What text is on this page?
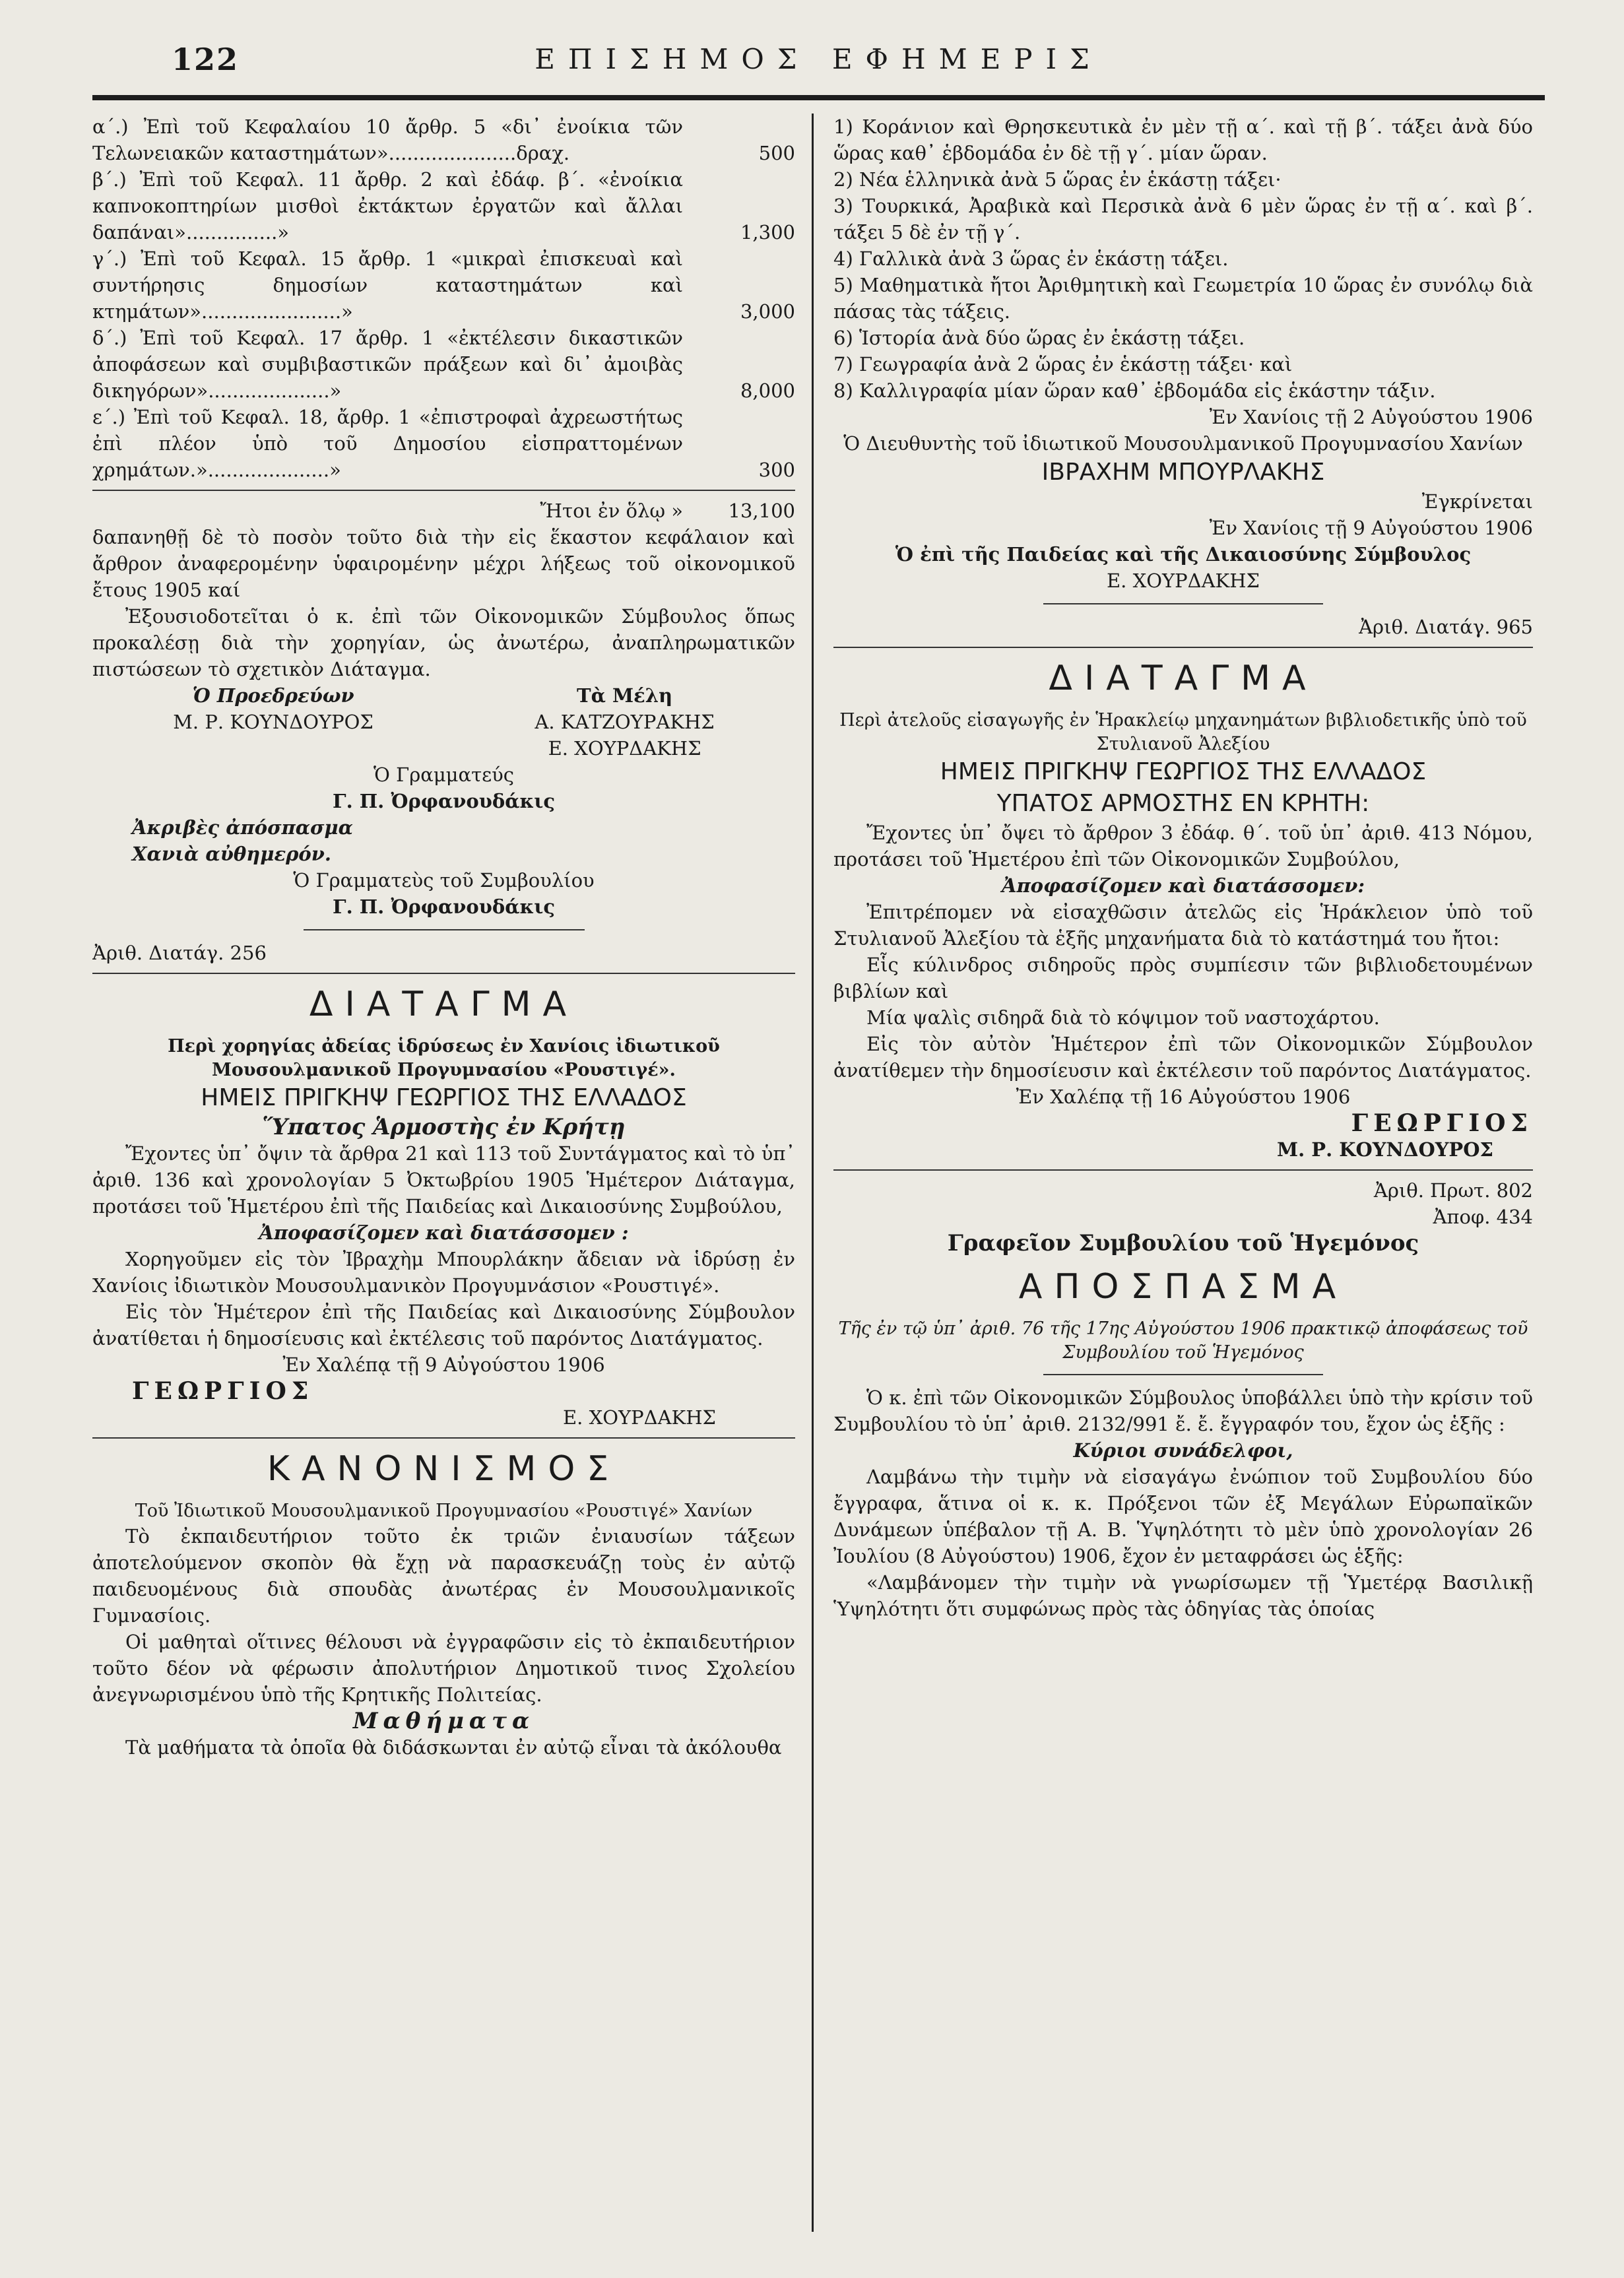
122	ΕΠΙΣΗΜΟΣ ΕΦΗΜΕΡΙΣ
α΄.) Ἐπὶ τοῦ Κεφαλαίου 10 ἄρθρ. 5 «δι᾽ ἐνοίκια τῶν Τελωνειακῶν καταστημάτων».....................δραχ.	500
β΄.) Ἐπὶ τοῦ Κεφαλ. 11 ἄρθρ. 2 καὶ ἐδάφ. β΄. «ἐνοίκια καπνοκοπτηρίων μισθοὶ ἐκτάκτων ἐργατῶν καὶ ἄλλαι δαπάναι»...............»	1,300
γ΄.) Ἐπὶ τοῦ Κεφαλ. 15 ἄρθρ. 1 «μικραὶ ἐπισκευαὶ καὶ συντήρησις δημοσίων καταστημάτων καὶ κτημάτων».......................»	3,000
δ΄.) Ἐπὶ τοῦ Κεφαλ. 17 ἄρθρ. 1 «ἐκτέλεσιν δικαστικῶν ἀποφάσεων καὶ συμβιβαστικῶν πράξεων καὶ δι᾽ ἀμοιβὰς δικηγόρων»....................»	8,000
ε΄.) Ἐπὶ τοῦ Κεφαλ. 18, ἄρθρ. 1 «ἐπιστροφαὶ ἀχρεωστήτως ἐπὶ πλέον ὑπὸ τοῦ Δημοσίου εἰσπραττομένων χρημάτων.»....................»	300
Ἤτοι ἐν ὅλῳ »	13,100

δαπανηθῇ δὲ τὸ ποσὸν τοῦτο διὰ τὴν εἰς ἕκαστον κεφάλαιον καὶ ἄρθρον ἀναφερομένην ὑφαιρομένην μέχρι λήξεως τοῦ οἰκονομικοῦ ἔτους 1905 καί

Ἐξουσιοδοτεῖται ὁ κ. ἐπὶ τῶν Οἰκονομικῶν Σύμβουλος ὅπως προκαλέσῃ διὰ τὴν χορηγίαν, ὡς ἀνωτέρω, ἀναπληρωματικῶν πιστώσεων τὸ σχετικὸν Διάταγμα.

Ὁ Προεδρεύων
Μ. Ρ. ΚΟΥΝΔΟΥΡΟΣ
Τὰ Μέλη
Α. ΚΑΤΖΟΥΡΑΚΗΣ
Ε. ΧΟΥΡΔΑΚΗΣ
Ὁ Γραμματεύς
Γ. Π. Ὀρφανουδάκις
Ἀκριβὲς ἀπόσπασμα
Χανιὰ αὐθημερόν.
Ὁ Γραμματεὺς τοῦ Συμβουλίου
Γ. Π. Ὀρφανουδάκις
Ἀριθ. Διατάγ. 256
ΔΙΑΤΑΓΜΑ
Περὶ χορηγίας ἀδείας ἱδρύσεως ἐν Χανίοις ἰδιωτικοῦ Μουσουλμανικοῦ Προγυμνασίου «Ρουστιγέ».
ΗΜΕΙΣ ΠΡΙΓΚΗΨ ΓΕΩΡΓΙΟΣ ΤΗΣ ΕΛΛΑΔΟΣ
Ὕπατος Ἁρμοστὴς ἐν Κρήτῃ

Ἔχοντες ὑπ᾽ ὄψιν τὰ ἄρθρα 21 καὶ 113 τοῦ Συντάγματος καὶ τὸ ὑπ᾽ ἀριθ. 136 καὶ χρονολογίαν 5 Ὀκτωβρίου 1905 Ἡμέτερον Διάταγμα, προτάσει τοῦ Ἡμετέρου ἐπὶ τῆς Παιδείας καὶ Δικαιοσύνης Συμβούλου,

Ἀποφασίζομεν καὶ διατάσσομεν :

Χορηγοῦμεν εἰς τὸν Ἰβραχὴμ Μπουρλάκην ἄδειαν νὰ ἱδρύσῃ ἐν Χανίοις ἰδιωτικὸν Μουσουλμανικὸν Προγυμνάσιον «Ρουστιγέ».

Εἰς τὸν Ἡμέτερον ἐπὶ τῆς Παιδείας καὶ Δικαιοσύνης Σύμβουλον ἀνατίθεται ἡ δημοσίευσις καὶ ἐκτέλεσις τοῦ παρόντος Διατάγματος.

Ἐν Χαλέπᾳ τῇ 9 Αὐγούστου 1906
ΓΕΩΡΓΙΟΣ
Ε. ΧΟΥΡΔΑΚΗΣ
ΚΑΝΟΝΙΣΜΟΣ
Τοῦ Ἰδιωτικοῦ Μουσουλμανικοῦ Προγυμνασίου «Ρουστιγέ» Χανίων

Τὸ ἐκπαιδευτήριον τοῦτο ἐκ τριῶν ἐνιαυσίων τάξεων ἀποτελούμενον σκοπὸν θὰ ἔχῃ νὰ παρασκευάζῃ τοὺς ἐν αὐτῷ παιδευομένους διὰ σπουδὰς ἀνωτέρας ἐν Μουσουλμανικοῖς Γυμνασίοις.

Οἱ μαθηταὶ οἵτινες θέλουσι νὰ ἐγγραφῶσιν εἰς τὸ ἐκπαιδευτήριον τοῦτο δέον νὰ φέρωσιν ἀπολυτήριον Δημοτικοῦ τινος Σχολείου ἀνεγνωρισμένου ὑπὸ τῆς Κρητικῆς Πολιτείας.

Μαθήματα

Τὰ μαθήματα τὰ ὁποῖα θὰ διδάσκωνται ἐν αὐτῷ εἶναι τὰ ἀκόλουθα

1) Κοράνιον καὶ Θρησκευτικὰ ἐν μὲν τῇ α΄. καὶ τῇ β΄. τάξει ἀνὰ δύο ὥρας καθ᾽ ἑβδομάδα ἐν δὲ τῇ γ΄. μίαν ὥραν.

2) Νέα ἑλληνικὰ ἀνὰ 5 ὥρας ἐν ἑκάστῃ τάξει·

3) Τουρκικά, Ἀραβικὰ καὶ Περσικὰ ἀνὰ 6 μὲν ὥρας ἐν τῇ α΄. καὶ β΄. τάξει 5 δὲ ἐν τῇ γ΄.

4) Γαλλικὰ ἀνὰ 3 ὥρας ἐν ἑκάστῃ τάξει.

5) Μαθηματικὰ ἤτοι Ἀριθμητικὴ καὶ Γεωμετρία 10 ὥρας ἐν συνόλῳ διὰ πάσας τὰς τάξεις.

6) Ἱστορία ἀνὰ δύο ὥρας ἐν ἑκάστῃ τάξει.

7) Γεωγραφία ἀνὰ 2 ὥρας ἐν ἑκάστῃ τάξει· καὶ

8) Καλλιγραφία μίαν ὥραν καθ᾽ ἑβδομάδα εἰς ἑκάστην τάξιν.

Ἐν Χανίοις τῇ 2 Αὐγούστου 1906
Ὁ Διευθυντὴς τοῦ ἰδιωτικοῦ Μουσουλμανικοῦ Προγυμνασίου Χανίων
ΙΒΡΑΧΗΜ ΜΠΟΥΡΛΑΚΗΣ
Ἐγκρίνεται
Ἐν Χανίοις τῇ 9 Αὐγούστου 1906
Ὁ ἐπὶ τῆς Παιδείας καὶ τῆς Δικαιοσύνης Σύμβουλος
Ε. ΧΟΥΡΔΑΚΗΣ
Ἀριθ. Διατάγ. 965
ΔΙΑΤΑΓΜΑ
Περὶ ἀτελοῦς εἰσαγωγῆς ἐν Ἡρακλείῳ μηχανημάτων βιβλιοδετικῆς ὑπὸ τοῦ Στυλιανοῦ Ἀλεξίου
ΗΜΕΙΣ ΠΡΙΓΚΗΨ ΓΕΩΡΓΙΟΣ ΤΗΣ ΕΛΛΑΔΟΣ
ΥΠΑΤΟΣ ΑΡΜΟΣΤΗΣ ΕΝ ΚΡΗΤΗ:

Ἔχοντες ὑπ᾽ ὄψει τὸ ἄρθρον 3 ἐδάφ. θ΄. τοῦ ὑπ᾽ ἀριθ. 413 Νόμου, προτάσει τοῦ Ἡμετέρου ἐπὶ τῶν Οἰκονομικῶν Συμβούλου,

Ἀποφασίζομεν καὶ διατάσσομεν:

Ἐπιτρέπομεν νὰ εἰσαχθῶσιν ἀτελῶς εἰς Ἡράκλειον ὑπὸ τοῦ Στυλιανοῦ Ἀλεξίου τὰ ἑξῆς μηχανήματα διὰ τὸ κατάστημά του ἤτοι:

Εἷς κύλινδρος σιδηροῦς πρὸς συμπίεσιν τῶν βιβλιοδετουμένων βιβλίων καὶ

Μία ψαλὶς σιδηρᾶ διὰ τὸ κόψιμον τοῦ ναστοχάρτου.

Εἰς τὸν αὐτὸν Ἡμέτερον ἐπὶ τῶν Οἰκονομικῶν Σύμβουλον ἀνατίθεμεν τὴν δημοσίευσιν καὶ ἐκτέλεσιν τοῦ παρόντος Διατάγματος.

Ἐν Χαλέπᾳ τῇ 16 Αὐγούστου 1906
ΓΕΩΡΓΙΟΣ
Μ. Ρ. ΚΟΥΝΔΟΥΡΟΣ
Ἀριθ. Πρωτ. 802
Ἀποφ. 434
Γραφεῖον Συμβουλίου τοῦ Ἡγεμόνος
ΑΠΟΣΠΑΣΜΑ
Τῆς ἐν τῷ ὑπ᾽ ἀριθ. 76 τῆς 17ης Αὐγούστου 1906 πρακτικῷ ἀποφάσεως τοῦ Συμβουλίου τοῦ Ἡγεμόνος

Ὁ κ. ἐπὶ τῶν Οἰκονομικῶν Σύμβουλος ὑποβάλλει ὑπὸ τὴν κρίσιν τοῦ Συμβουλίου τὸ ὑπ᾽ ἀριθ. 2132/991 ἔ. ἔ. ἔγγραφόν του, ἔχον ὡς ἑξῆς :

Κύριοι συνάδελφοι,

Λαμβάνω τὴν τιμὴν νὰ εἰσαγάγω ἐνώπιον τοῦ Συμβουλίου δύο ἔγγραφα, ἅτινα οἱ κ. κ. Πρόξενοι τῶν ἐξ Μεγάλων Εὐρωπαϊκῶν Δυνάμεων ὑπέβαλον τῇ Α. Β. Ὑψηλότητι τὸ μὲν ὑπὸ χρονολογίαν 26 Ἰουλίου (8 Αὐγούστου) 1906, ἔχον ἐν μεταφράσει ὡς ἑξῆς:

«Λαμβάνομεν τὴν τιμὴν νὰ γνωρίσωμεν τῇ Ὑμετέρᾳ Βασιλικῇ Ὑψηλότητι ὅτι συμφώνως πρὸς τὰς ὁδηγίας τὰς ὁποίας
